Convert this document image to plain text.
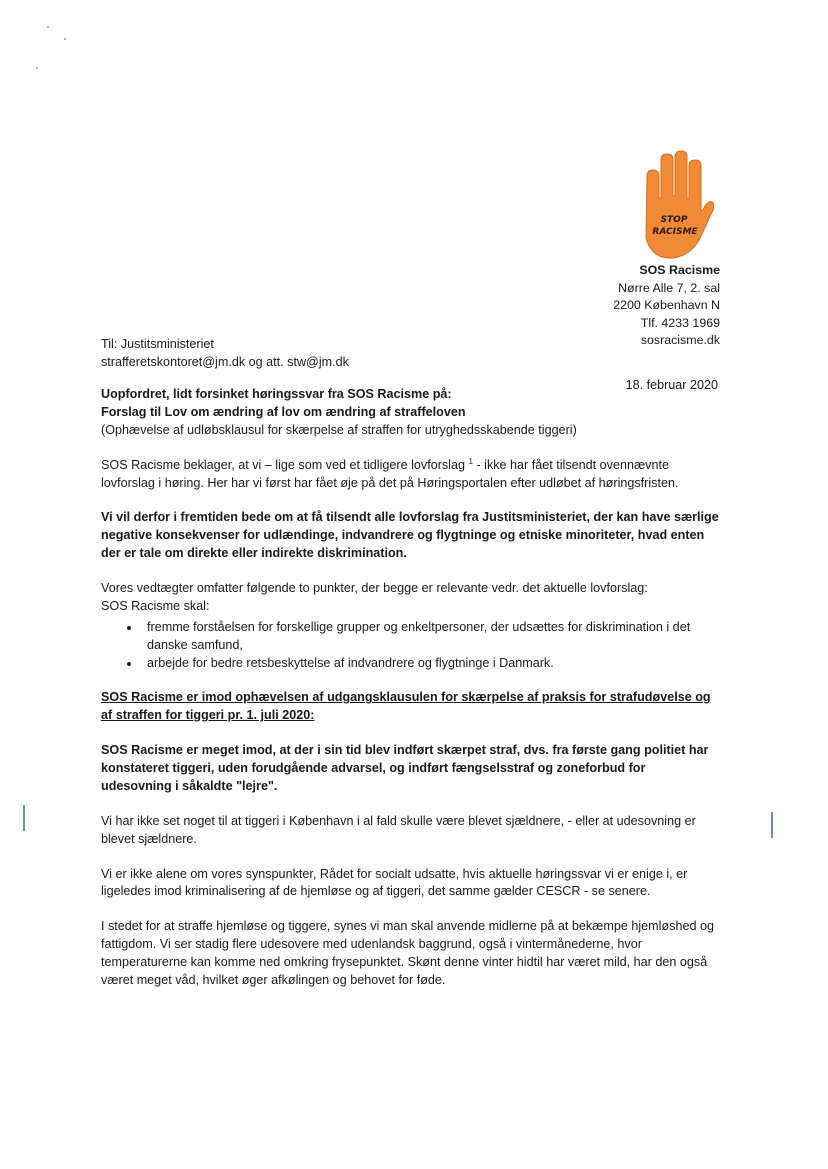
STOP
RACISME
SOS Racisme
Nørre Alle 7, 2. sal
2200 København N
Tlf. 4233 1969
sosracisme.dk
Til: Justitsministeriet
strafferetskontoret@jm.dk og att. stw@jm.dk
18. februar 2020

Uopfordret, lidt forsinket høringssvar fra SOS Racisme på:
Forslag til Lov om ændring af lov om ændring af straffeloven
(Ophævelse af udløbsklausul for skærpelse af straffen for utryghedsskabende tiggeri)

SOS Racisme beklager, at vi – lige som ved et tidligere lovforslag $^1$ - ikke har fået tilsendt ovennævnte lovforslag i høring. Her har vi først har fået øje på det på Høringsportalen efter udløbet af høringsfristen.

Vi vil derfor i fremtiden bede om at få tilsendt alle lovforslag fra Justitsministeriet, der kan have særlige negative konsekvenser for udlændinge, indvandrere og flygtninge og etniske minoriteter, hvad enten der er tale om direkte eller indirekte diskrimination.

Vores vedtægter omfatter følgende to punkter, der begge er relevante vedr. det aktuelle lovforslag:
SOS Racisme skal:

• fremme forståelsen for forskellige grupper og enkeltpersoner, der udsættes for diskrimination i det danske samfund,
• arbejde for bedre retsbeskyttelse af indvandrere og flygtninge i Danmark.

SOS Racisme er imod ophævelsen af udgangsklausulen for skærpelse af praksis for strafudøvelse og af straffen for tiggeri pr. 1. juli 2020:

SOS Racisme er meget imod, at der i sin tid blev indført skærpet straf, dvs. fra første gang politiet har konstateret tiggeri, uden forudgående advarsel, og indført fængselsstraf og zoneforbud for udesovning i såkaldte "lejre".

Vi har ikke set noget til at tiggeri i København i al fald skulle være blevet sjældnere, - eller at udesovning er blevet sjældnere.

Vi er ikke alene om vores synspunkter, Rådet for socialt udsatte, hvis aktuelle høringssvar vi er enige i, er ligeledes imod kriminalisering af de hjemløse og af tiggeri, det samme gælder CESCR - se senere.

I stedet for at straffe hjemløse og tiggere, synes vi man skal anvende midlerne på at bekæmpe hjemløshed og fattigdom. Vi ser stadig flere udesovere med udenlandsk baggrund, også i vintermånederne, hvor temperaturerne kan komme ned omkring frysepunktet. Skønt denne vinter hidtil har været mild, har den også været meget våd, hvilket øger afkølingen og behovet for føde.
